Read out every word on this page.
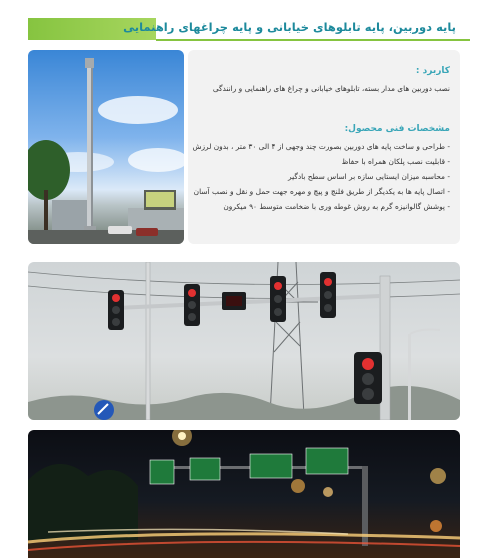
پایه دوربین، پایه تابلوهای خیابانی و پایه چراغهای راهنمایی
کاربرد :
نصب دوربین های مدار بسته، تابلوهای خیابانی و چراغ های راهنمایی و رانندگی
مشخصات فنی محصول:
- طراحی و ساخت پایه های دوربین بصورت چند وجهی از ۴ الی ۳۰ متر ، بدون لرزش
- قابلیت نصب پلکان همراه با حفاظ
- محاسبه میزان ایستایی سازه بر اساس سطح بادگیر
- اتصال پایه ها به یکدیگر از طریق فلنچ و پیچ و مهره جهت حمل و نقل و نصب آسان
- پوشش گالوانیزه گرم به روش غوطه وری با ضخامت متوسط ۹۰ میکرون
